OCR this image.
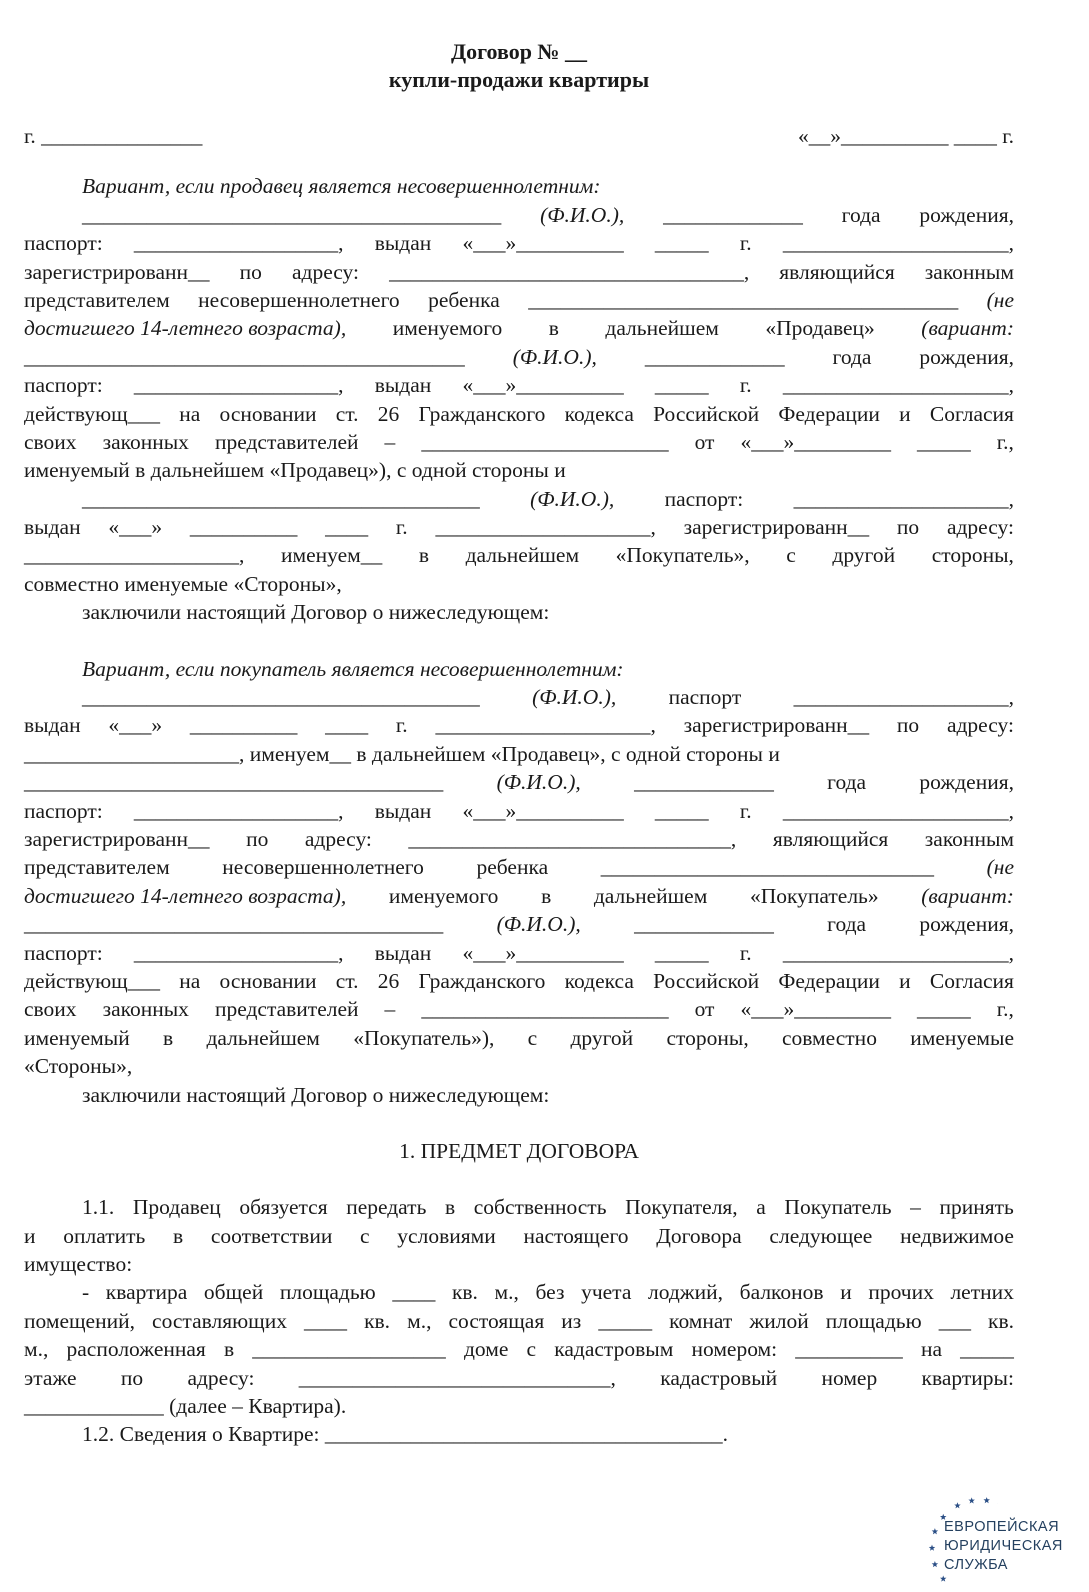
Договор № __
купли-продажи квартиры
г. _______________	«__»__________ ____ г.
Вариант, если продавец является несовершеннолетним:
_______________________________________ (Ф.И.О.), _____________ года рождения,
паспорт: ___________________, выдан «___»__________ _____ г. _____________________,
зарегистрированн__ по адресу: _________________________________, являющийся законным
представителем несовершеннолетнего ребенка ________________________________________ (не
достигшего 14-летнего возраста), именуемого в дальнейшем «Продавец» (вариант:
_________________________________________ (Ф.И.О.), _____________ года рождения,
паспорт: ___________________, выдан «___»__________ _____ г. _____________________,
действующ___ на основании ст. 26 Гражданского кодекса Российской Федерации и Согласия
своих законных представителей – _______________________ от «___»_________ _____ г.,
именуемый в дальнейшем «Продавец»), с одной стороны и
_____________________________________ (Ф.И.О.), паспорт: ____________________,
выдан «___» __________ ____ г. ____________________, зарегистрированн__ по адресу:
____________________, именуем__ в дальнейшем «Покупатель», с другой стороны,
совместно именуемые «Стороны»,
заключили настоящий Договор о нижеследующем:
Вариант, если покупатель является несовершеннолетним:
_____________________________________ (Ф.И.О.), паспорт ____________________,
выдан «___» __________ ____ г. ____________________, зарегистрированн__ по адресу:
____________________, именуем__ в дальнейшем «Продавец», с одной стороны и
_______________________________________ (Ф.И.О.), _____________ года рождения,
паспорт: ___________________, выдан «___»__________ _____ г. _____________________,
зарегистрированн__ по адресу: ______________________________, являющийся законным
представителем несовершеннолетнего ребенка _______________________________ (не
достигшего 14-летнего возраста), именуемого в дальнейшем «Покупатель» (вариант:
_______________________________________ (Ф.И.О.), _____________ года рождения,
паспорт: ___________________, выдан «___»__________ _____ г. _____________________,
действующ___ на основании ст. 26 Гражданского кодекса Российской Федерации и Согласия
своих законных представителей – _______________________ от «___»_________ _____ г.,
именуемый в дальнейшем «Покупатель»), с другой стороны, совместно именуемые
«Стороны»,
заключили настоящий Договор о нижеследующем:
1. ПРЕДМЕТ ДОГОВОРА
1.1. Продавец обязуется передать в собственность Покупателя, а Покупатель – принять
и оплатить в соответствии с условиями настоящего Договора следующее недвижимое
имущество:
- квартира общей площадью ____ кв. м., без учета лоджий, балконов и прочих летних
помещений, составляющих ____ кв. м., состоящая из _____ комнат жилой площадью ___ кв.
м., расположенная в __________________ доме с кадастровым номером: __________ на _____
этаже по адресу: _____________________________, кадастровый номер квартиры:
_____________ (далее – Квартира).
1.2. Сведения о Квартире: _____________________________________.
ЕВРОПЕЙСКАЯ
ЮРИДИЧЕСКАЯ
СЛУЖБА
